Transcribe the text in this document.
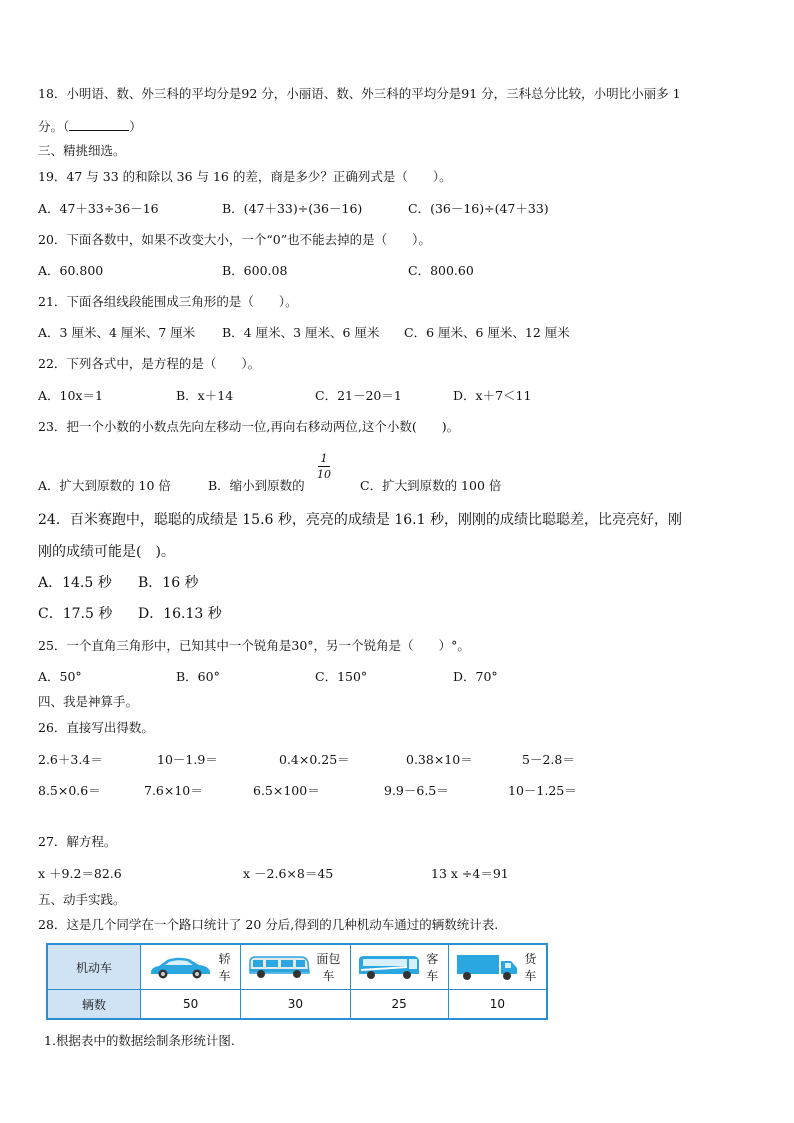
18．小明语、数、外三科的平均分是92 分，小丽语、数、外三科的平均分是91 分，三科总分比较，小明比小丽多 1
分。（	）
三、精挑细选。
19．47 与 33 的和除以 36 与 16 的差，商是多少？正确列式是（　　）。
A．47＋33÷36－16	B．(47＋33)÷(36－16)	C．(36－16)÷(47＋33)
20．下面各数中，如果不改变大小，一个“0”也不能去掉的是（　　）。
A．60.800	B．600.08	C．800.60
21．下面各组线段能围成三角形的是（　　）。
A．3 厘米、4 厘米、7 厘米 B．4 厘米、3 厘米、6 厘米 C．6 厘米、6 厘米、12 厘米
22．下列各式中，是方程的是（　　）。
A．10x＝1	B．x＋14	C．21－20＝1	D．x＋7＜11
23．把一个小数的小数点先向左移动一位,再向右移动两位,这个小数(　　)。
A．扩大到原数的 10 倍	B．缩小到原数的
1
10
C．扩大到原数的 100 倍
24．百米赛跑中，聪聪的成绩是 15.6 秒，亮亮的成绩是 16.1 秒，刚刚的成绩比聪聪差，比亮亮好，刚
刚的成绩可能是(　)。
A．14.5 秒 B．16 秒
C．17.5 秒 D．16.13 秒
25．一个直角三角形中，已知其中一个锐角是30°，另一个锐角是（　　）°。
A．50°	B．60°	C．150°	D．70°
四、我是神算手。
26．直接写出得数。
2.6＋3.4＝	10－1.9＝	0.4×0.25＝	0.38×10＝	5－2.8＝
8.5×0.6＝	7.6×10＝	6.5×100＝	9.9－6.5＝	10－1.25＝
27．解方程。
x ＋9.2＝82.6	x －2.6×8＝45	13 x ÷4＝91
五、动手实践。
28．这是几个同学在一个路口统计了 20 分后,得到的几种机动车通过的辆数统计表.
机动车	轿车	面包车	客车	货车

辆数	50	30	25	10
1.根据表中的数据绘制条形统计图.
